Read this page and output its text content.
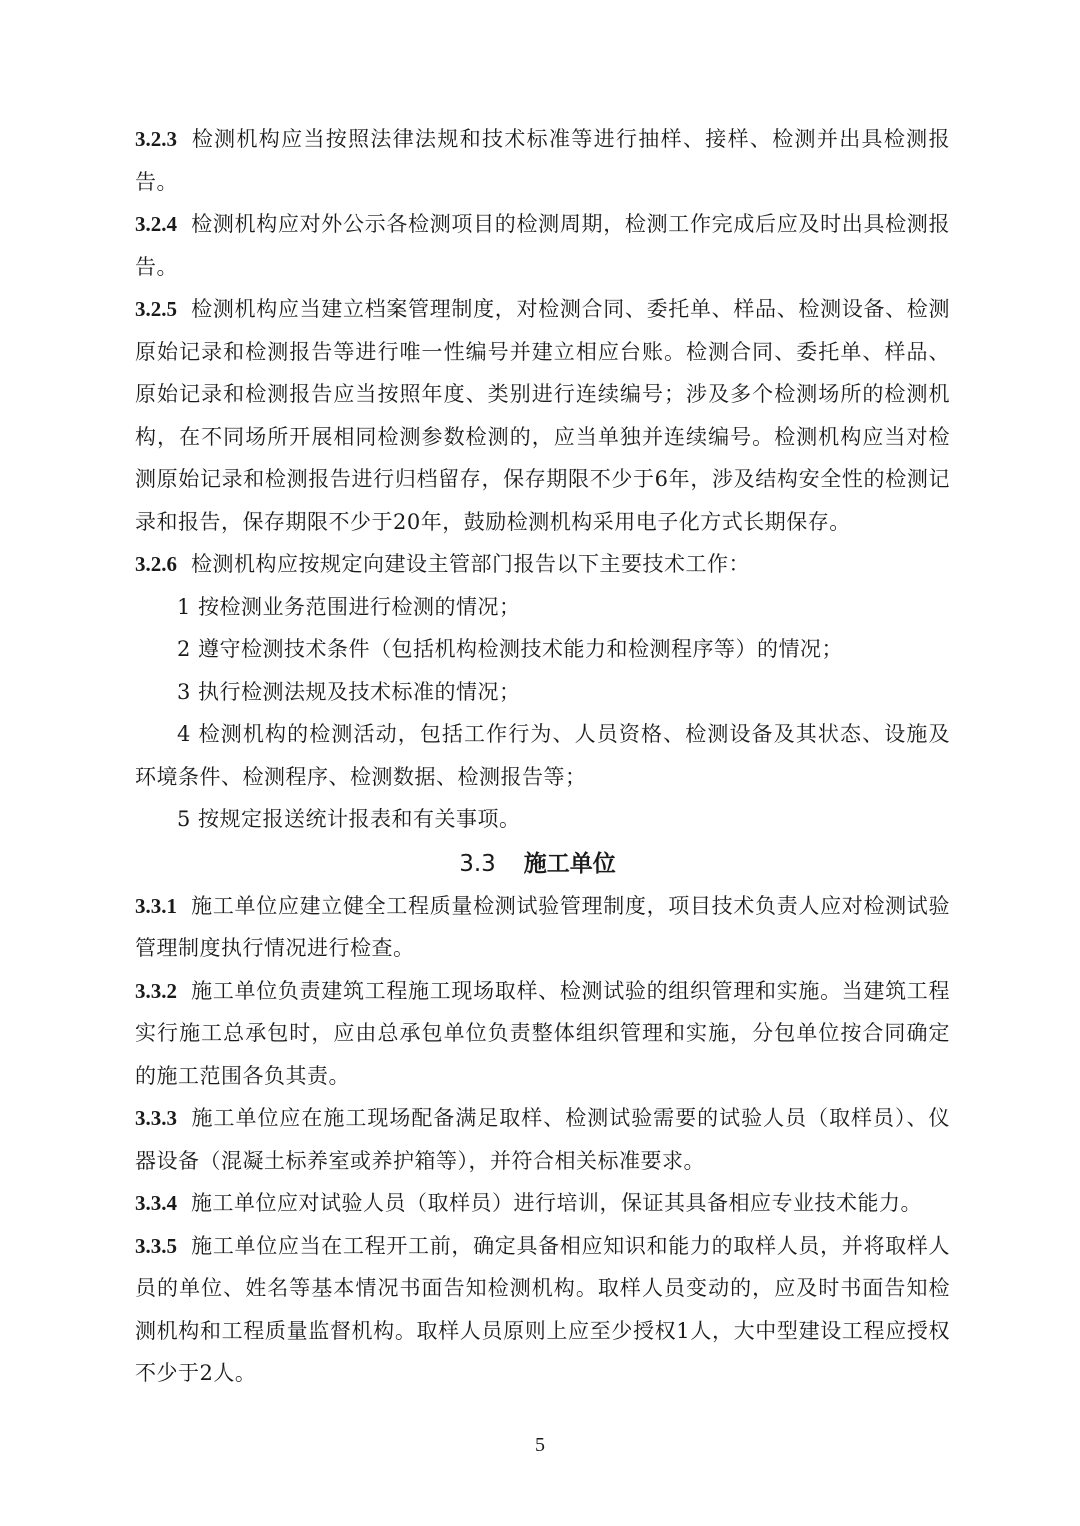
3.2.3 检测机构应当按照法律法规和技术标准等进行抽样、接样、检测并出具检测报告。

3.2.4 检测机构应对外公示各检测项目的检测周期，检测工作完成后应及时出具检测报告。

3.2.5 检测机构应当建立档案管理制度，对检测合同、委托单、样品、检测设备、检测原始记录和检测报告等进行唯一性编号并建立相应台账。检测合同、委托单、样品、原始记录和检测报告应当按照年度、类别进行连续编号；涉及多个检测场所的检测机构，在不同场所开展相同检测参数检测的，应当单独并连续编号。检测机构应当对检测原始记录和检测报告进行归档留存，保存期限不少于6年，涉及结构安全性的检测记录和报告，保存期限不少于20年，鼓励检测机构采用电子化方式长期保存。

3.2.6 检测机构应按规定向建设主管部门报告以下主要技术工作：

1 按检测业务范围进行检测的情况；

2 遵守检测技术条件（包括机构检测技术能力和检测程序等）的情况；

3 执行检测法规及技术标准的情况；

4 检测机构的检测活动，包括工作行为、人员资格、检测设备及其状态、设施及环境条件、检测程序、检测数据、检测报告等；

5 按规定报送统计报表和有关事项。

3.3 施工单位

3.3.1 施工单位应建立健全工程质量检测试验管理制度，项目技术负责人应对检测试验管理制度执行情况进行检查。

3.3.2 施工单位负责建筑工程施工现场取样、检测试验的组织管理和实施。当建筑工程实行施工总承包时，应由总承包单位负责整体组织管理和实施，分包单位按合同确定的施工范围各负其责。

3.3.3 施工单位应在施工现场配备满足取样、检测试验需要的试验人员（取样员）、仪器设备（混凝土标养室或养护箱等），并符合相关标准要求。

3.3.4 施工单位应对试验人员（取样员）进行培训，保证其具备相应专业技术能力。

3.3.5 施工单位应当在工程开工前，确定具备相应知识和能力的取样人员，并将取样人员的单位、姓名等基本情况书面告知检测机构。取样人员变动的，应及时书面告知检测机构和工程质量监督机构。取样人员原则上应至少授权1人，大中型建设工程应授权不少于2人。

5
